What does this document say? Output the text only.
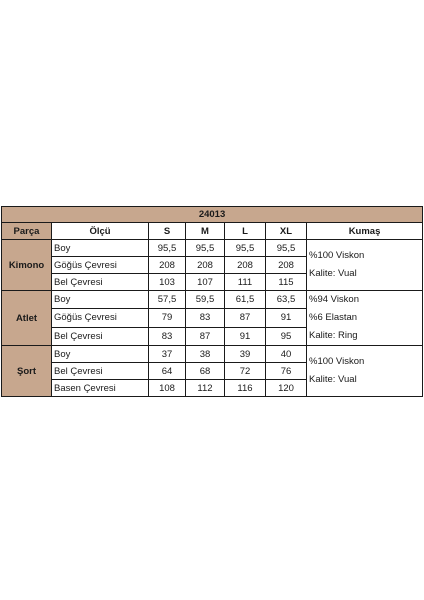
24013						
Parça	Ölçü	S	M	L	XL	Kumaş
Kimono	Boy	95,5	95,5	95,5	95,5	%100 Viskon
Kalite: Vual

	Göğüs Çevresi	208	208	208	208	
	Bel Çevresi	103	107	111	115	
Atlet	Boy	57,5	59,5	61,5	63,5	%94 Viskon
%6 Elastan
Kalite: Ring

	Göğüs Çevresi	79	83	87	91	
	Bel Çevresi	83	87	91	95	
Şort	Boy	37	38	39	40	%100 Viskon
Kalite: Vual

	Bel Çevresi	64	68	72	76	
	Basen Çevresi	108	112	116	120	
